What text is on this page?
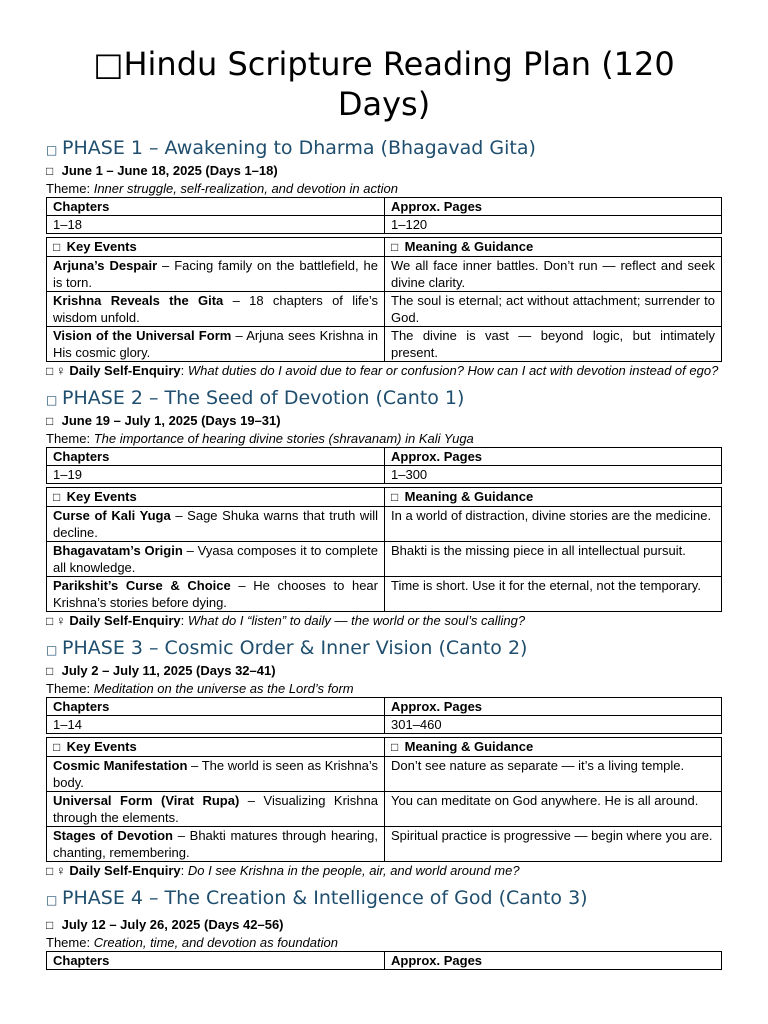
□Hindu Scripture Reading Plan (120 Days)
□ PHASE 1 – Awakening to Dharma (Bhagavad Gita)

□ June 1 – June 18, 2025 (Days 1–18)

Theme: Inner struggle, self-realization, and devotion in action

Chapters	Approx. Pages
1–18	1–120
□ Key Events	□ Meaning & Guidance
Arjuna’s Despair – Facing family on the battlefield, he is torn.	We all face inner battles. Don’t run — reflect and seek divine clarity.
Krishna Reveals the Gita – 18 chapters of life’s wisdom unfold.	The soul is eternal; act without attachment; surrender to God.
Vision of the Universal Form – Arjuna sees Krishna in His cosmic glory.	The divine is vast — beyond logic, but intimately present.

□ ♀ Daily Self-Enquiry: What duties do I avoid due to fear or confusion? How can I act with devotion instead of ego?

□ PHASE 2 – The Seed of Devotion (Canto 1)

□ June 19 – July 1, 2025 (Days 19–31)

Theme: The importance of hearing divine stories (shravanam) in Kali Yuga

Chapters	Approx. Pages
1–19	1–300
□ Key Events	□ Meaning & Guidance
Curse of Kali Yuga – Sage Shuka warns that truth will decline.	In a world of distraction, divine stories are the medicine.
Bhagavatam’s Origin – Vyasa composes it to complete all knowledge.	Bhakti is the missing piece in all intellectual pursuit.
Parikshit’s Curse & Choice – He chooses to hear Krishna’s stories before dying.	Time is short. Use it for the eternal, not the temporary.

□ ♀ Daily Self-Enquiry: What do I “listen” to daily — the world or the soul’s calling?

□ PHASE 3 – Cosmic Order & Inner Vision (Canto 2)

□ July 2 – July 11, 2025 (Days 32–41)

Theme: Meditation on the universe as the Lord’s form

Chapters	Approx. Pages
1–14	301–460
□ Key Events	□ Meaning & Guidance
Cosmic Manifestation – The world is seen as Krishna’s body.	Don’t see nature as separate — it’s a living temple.
Universal Form (Virat Rupa) – Visualizing Krishna through the elements.	You can meditate on God anywhere. He is all around.
Stages of Devotion – Bhakti matures through hearing, chanting, remembering.	Spiritual practice is progressive — begin where you are.

□ ♀ Daily Self-Enquiry: Do I see Krishna in the people, air, and world around me?

□ PHASE 4 – The Creation & Intelligence of God (Canto 3)

□ July 12 – July 26, 2025 (Days 42–56)

Theme: Creation, time, and devotion as foundation

Chapters	Approx. Pages
